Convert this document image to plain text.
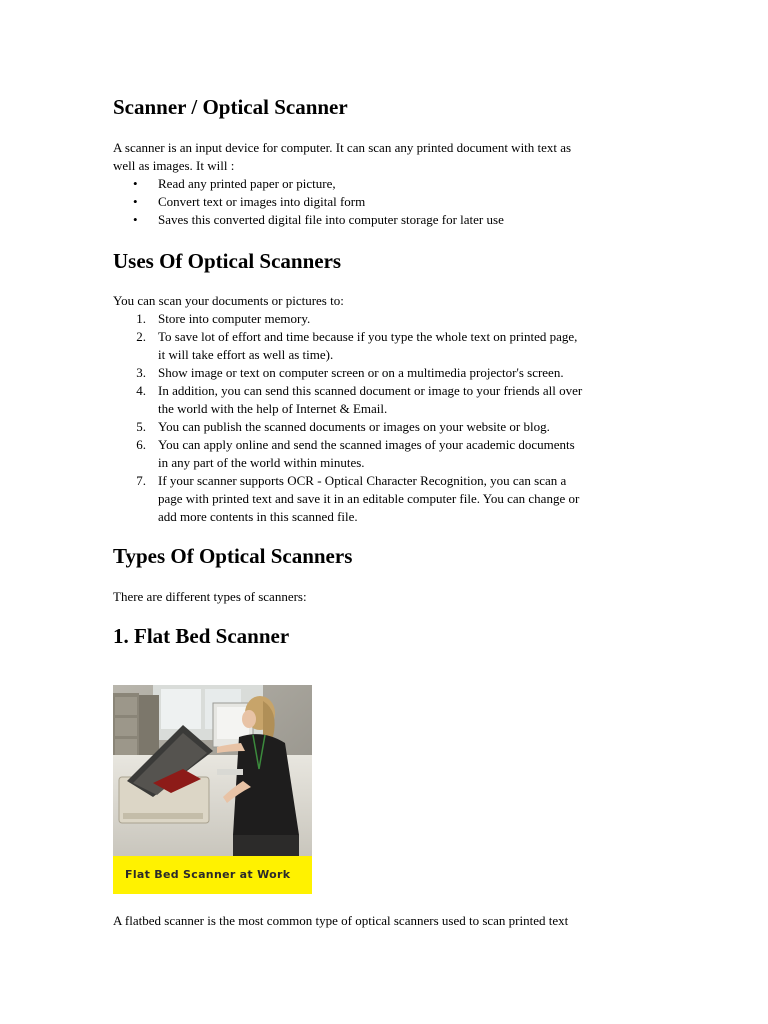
Scanner / Optical Scanner

A scanner is an input device for computer. It can scan any printed document with text as
well as images. It will :

• Read any printed paper or picture,
• Convert text or images into digital form
• Saves this converted digital file into computer storage for later use
Uses Of Optical Scanners

You can scan your documents or pictures to:

1. Store into computer memory.
2. To save lot of effort and time because if you type the whole text on printed page,
it will take effort as well as time).
3. Show image or text on computer screen or on a multimedia projector's screen.
4. In addition, you can send this scanned document or image to your friends all over
the world with the help of Internet & Email.
5. You can publish the scanned documents or images on your website or blog.
6. You can apply online and send the scanned images of your academic documents
in any part of the world within minutes.
7. If your scanner supports OCR - Optical Character Recognition, you can scan a
page with printed text and save it in an editable computer file. You can change or
add more contents in this scanned file.
Types Of Optical Scanners

There are different types of scanners:

1. Flat Bed Scanner
Flat Bed Scanner at Work

A flatbed scanner is the most common type of optical scanners used to scan printed text
